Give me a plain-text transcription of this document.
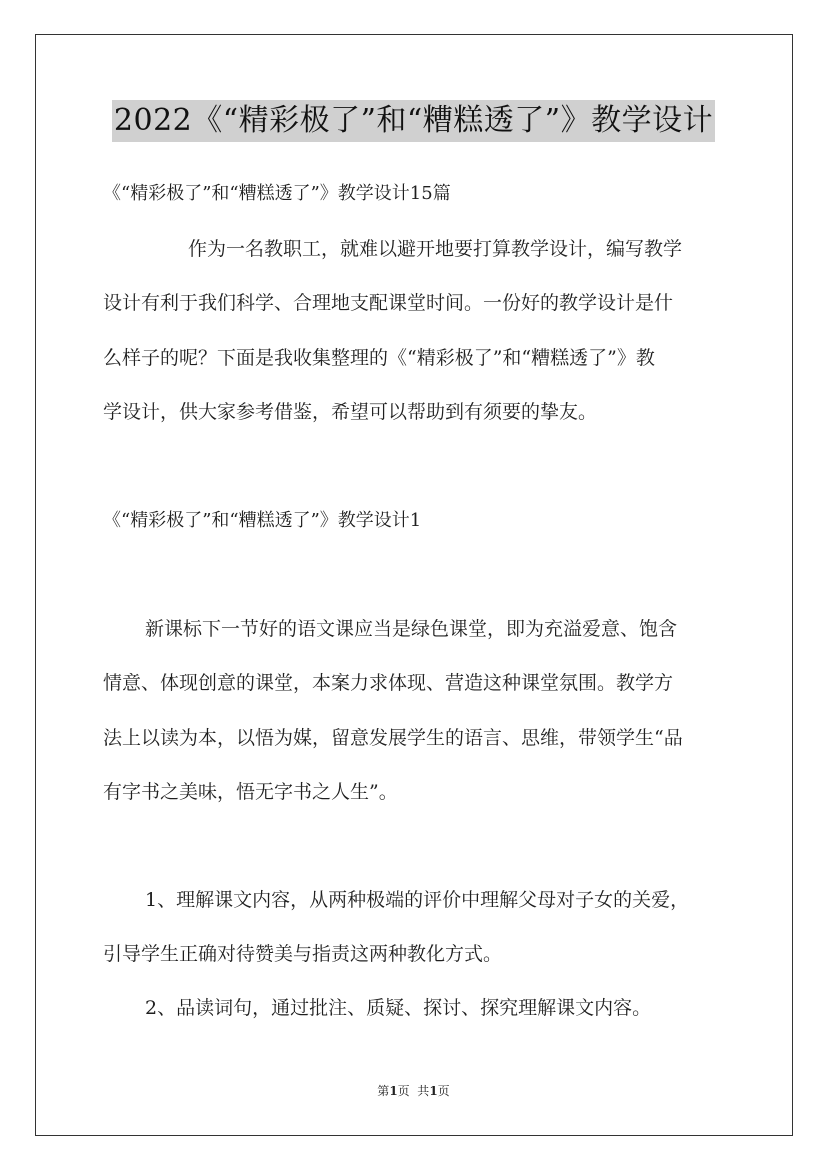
2022《“精彩极了”和“糟糕透了”》教学设计
《“精彩极了”和“糟糕透了”》教学设计15篇
作为一名教职工，就难以避开地要打算教学设计，编写教学
设计有利于我们科学、合理地支配课堂时间。一份好的教学设计是什
么样子的呢？下面是我收集整理的《“精彩极了”和“糟糕透了”》教
学设计，供大家参考借鉴，希望可以帮助到有须要的挚友。
《“精彩极了”和“糟糕透了”》教学设计1
新课标下一节好的语文课应当是绿色课堂，即为充溢爱意、饱含
情意、体现创意的课堂，本案力求体现、营造这种课堂氛围。教学方
法上以读为本，以悟为媒，留意发展学生的语言、思维，带领学生“品
有字书之美味，悟无字书之人生”。
1、理解课文内容，从两种极端的评价中理解父母对子女的关爱，
引导学生正确对待赞美与指责这两种教化方式。
2、品读词句，通过批注、质疑、探讨、探究理解课文内容。
第1页  共1页
